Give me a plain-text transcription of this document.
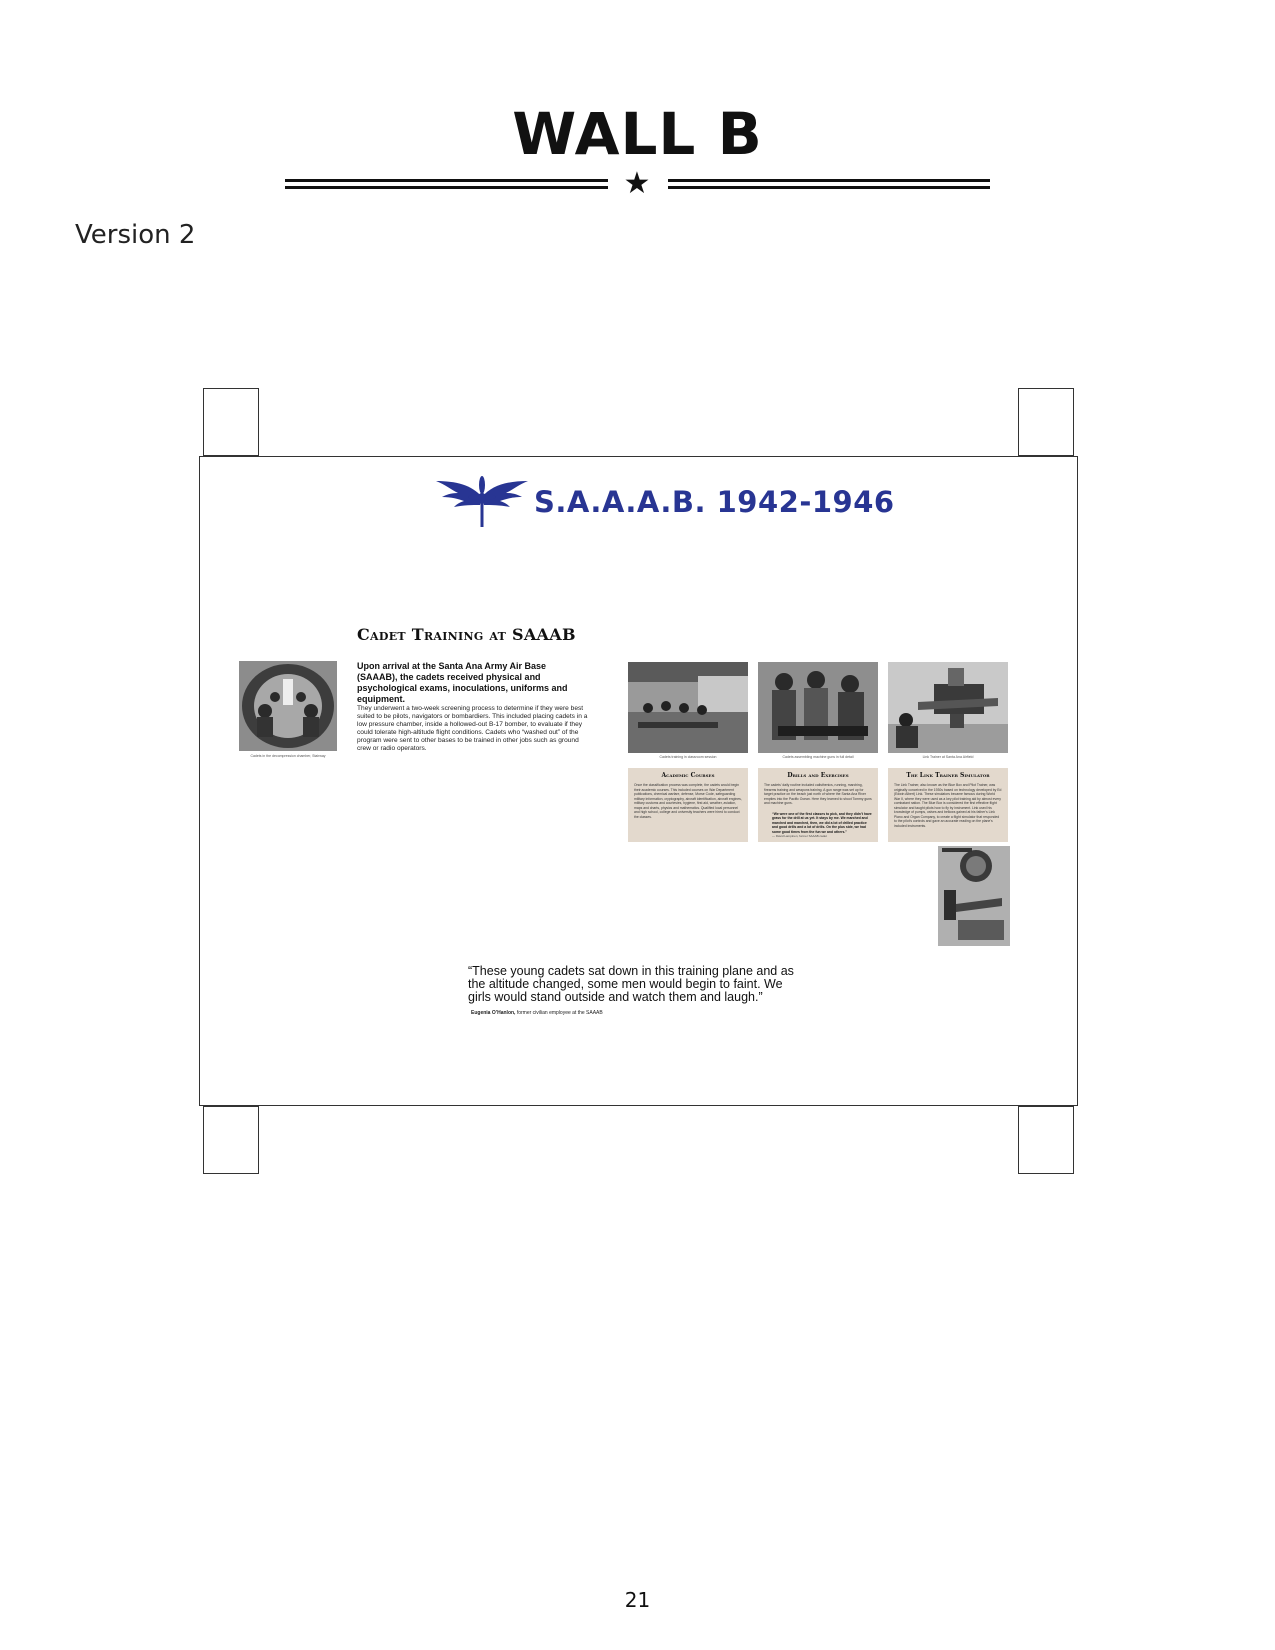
WALL B
★
Version 2
S.A.A.A.B. 1942-1946
Cadet Training at SAAAB
Upon arrival at the Santa Ana Army Air Base (SAAAB), the cadets received physical and psychological exams, inoculations, uniforms and equipment.
They underwent a two-week screening process to determine if they were best suited to be pilots, navigators or bombardiers. This included placing cadets in a low pressure chamber, inside a hollowed-out B-17 bomber, to evaluate if they could tolerate high-altitude flight conditions. Cadets who “washed out” of the program were sent to other bases to be trained in other jobs such as ground crew or radio operators.
Cadets in the decompression chamber, Stairway	Cadets training in classroom session	Cadets assembling machine guns in full detail	Link Trainer at Santa Ana Airfield
Academic Courses
Once the classification process was complete, the cadets would begin their academic courses. This included courses on War Department publications, chemical warfare, defense, Morse Code, safeguarding military information, cryptography, aircraft identification, aircraft engines, military customs and courtesies, hygiene, first aid, weather, aviation, maps and charts, physics and mathematics. Qualified local personnel and high school, college and university teachers were hired to conduct the classes.
Drills and Exercises
The cadets’ daily routine included calisthenics, running, marching, firearms training and weapons training. A gun range was set up for target practice on the beach just north of where the Santa Ana River empties into the Pacific Ocean. Here they learned to shoot Tommy guns and machine guns.
“We were one of the first classes to pick, and they didn’t have grass for the drill at us yet. It stays by me. We marched and marched and marched, then, we did a lot of drilled practice and good drills and a lot of drills. On the plus side, we had some good times from the fun we and others.”
— David Lampinen, former SAAAB cadet
The Link Trainer Simulator
The Link Trainer, also known as the Blue Box and Pilot Trainer, was originally conceived in the 1930s based on technology developed by Ed (Edwin Albert) Link. These simulators became famous during World War II, where they were used as a key pilot training aid by almost every combatant nation. The Blue Box is considered the first effective flight simulator and taught pilots how to fly by instrument. Link used his knowledge of pumps, valves and bellows gained at his father’s Link Piano and Organ Company, to create a flight simulator that responded to the pilot’s controls and gave an accurate reading on the plane’s included instruments.
“These young cadets sat down in this training plane and as the altitude changed, some men would begin to faint. We girls would stand outside and watch them and laugh.”
Eugenia O’Hanlon, former civilian employee at the SAAAB
21
